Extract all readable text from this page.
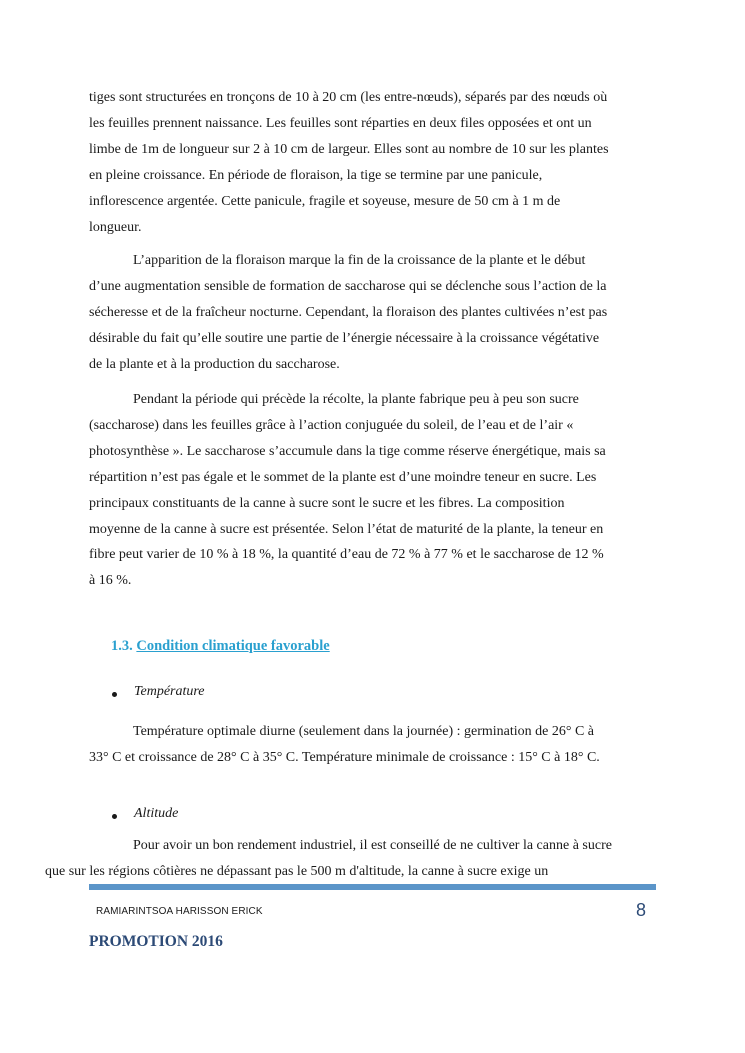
tiges sont structurées en tronçons de 10 à 20 cm (les entre-nœuds), séparés par des nœuds où les feuilles prennent naissance. Les feuilles sont réparties en deux files opposées et ont un limbe de 1m de longueur sur 2 à 10 cm de largeur. Elles sont au nombre de 10 sur les plantes en pleine croissance. En période de floraison, la tige se termine par une panicule, inflorescence argentée. Cette panicule, fragile et soyeuse, mesure de 50 cm à 1 m de longueur.

L’apparition de la floraison marque la fin de la croissance de la plante et le début d’une augmentation sensible de formation de saccharose qui se déclenche sous l’action de la sécheresse et de la fraîcheur nocturne. Cependant, la floraison des plantes cultivées n’est pas désirable du fait qu’elle soutire une partie de l’énergie nécessaire à la croissance végétative de la plante et à la production du saccharose.

Pendant la période qui précède la récolte, la plante fabrique peu à peu son sucre (saccharose) dans les feuilles grâce à l’action conjuguée du soleil, de l’eau et de l’air « photosynthèse ». Le saccharose s’accumule dans la tige comme réserve énergétique, mais sa répartition n’est pas égale et le sommet de la plante est d’une moindre teneur en sucre. Les principaux constituants de la canne à sucre sont le sucre et les fibres. La composition moyenne de la canne à sucre est présentée. Selon l’état de maturité de la plante, la teneur en fibre peut varier de 10 % à 18 %, la quantité d’eau de 72 % à 77 % et le saccharose de 12 % à 16 %.

1.3. Condition climatique favorable
Température

Température optimale diurne (seulement dans la journée) : germination de 26° C à 33° C et croissance de 28° C à 35° C. Température minimale de croissance : 15° C à 18° C.

Altitude

Pour avoir un bon rendement industriel, il est conseillé de ne cultiver la canne à sucre
que sur les régions côtières ne dépassant pas le 500 m d'altitude, la canne à sucre exige un

RAMIARINTSOA HARISSON ERICK	8
PROMOTION 2016
